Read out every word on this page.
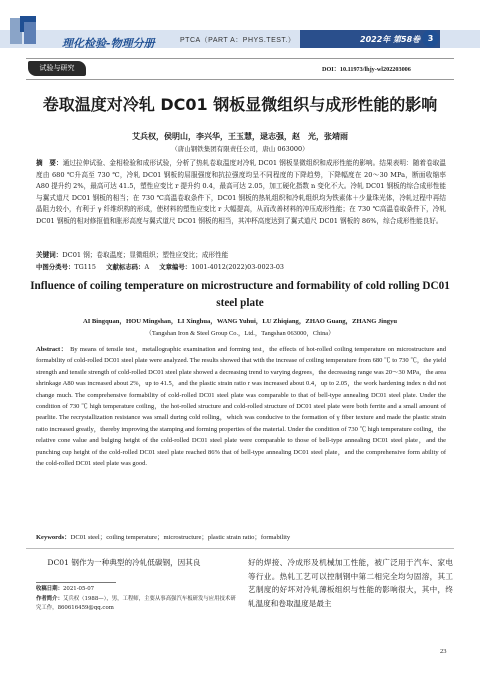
理化检验-物理分册	PTCA（PART A：PHYS.TEST.）	2022年 第58卷 3
试验与研究	DOI：10.11973/lhjy-wl202203006
卷取温度对冷轧 DC01 钢板显微组织与成形性能的影响
艾兵权，侯明山，李兴华，王玉慧，逯志强，赵　光，张靖雨
（唐山钢铁集团有限责任公司，唐山 063000）
摘　要：通过拉伸试验、金相检验和成形试验，分析了热轧卷取温度对冷轧 DC01 钢板显微组织和成形性能的影响。结果表明：随着卷取温度由 680 ℃升高至 730 ℃，冷轧 DC01 钢板的屈服强度和抗拉强度均呈不同程度的下降趋势，下降幅度在 20～30 MPa，断面收缩率 A80 提升约 2%，最高可达 41.5，塑性应变比 r 提升约 0.4，最高可达 2.05，加工硬化指数 n 变化不大。冷轧 DC01 钢板的综合成形性能与翼式道尺 DC01 钢板的相当；在 730 ℃高温卷取条件下，DC01 钢板的热轧组织和冷轧组织均为铁素体＋少量珠光体，冷轧过程中再结晶阻力较小，有利于 γ 纤维织构的形成，使材料的塑性应变比 r 大幅提高，从而改善材料的冲压成形性能；在 730 ℃高温卷取条件下，冷轧 DC01 钢板的相对修抠值和胀形高度与翼式道尺 DC01 钢板的相当，其冲杯高度达到了翼式道尺 DC01 钢板的 86%，综合成形性能良好。
关键词：DC01 钢；卷取温度；显微组织；塑性应变比；成形性能
中图分类号：TG115 文献标志码：A 文章编号：1001-4012(2022)03-0023-03
Influence of coiling temperature on microstructure and formability of cold rolling DC01 steel plate
AI Bingquan，HOU Mingshan，LI Xinghua，WANG Yuhui，LU Zhiqiang，ZHAO Guang，ZHANG Jingyu
（Tangshan Iron & Steel Group Co.，Ltd.，Tangshan 063000，China）
Abstract： By means of tensile test，metallographic examination and forming test，the effects of hot-rolled coiling temperature on microstructure and formability of cold-rolled DC01 steel plate were analyzed. The results showed that with the increase of coiling temperature from 680 ℃ to 730 ℃，the yield strength and tensile strength of cold-rolled DC01 steel plate showed a decreasing trend to varying degrees，the decreasing range was 20～30 MPa，the area shrinkage A80 was increased about 2%，up to 41.5，and the plastic strain ratio r was increased about 0.4，up to 2.05，the work hardening index n did not change much. The comprehensive formability of cold-rolled DC01 steel plate was comparable to that of bell-type annealing DC01 steel plate. Under the condition of 730 ℃ high temperature coiling，the hot-rolled structure and cold-rolled structure of DC01 steel plate were both ferrite and a small amount of pearlite. The recrystallization resistance was small during cold rolling，which was conducive to the formation of γ fiber texture and made the plastic strain ratio increased greatly，thereby improving the stamping and forming properties of the material. Under the condition of 730 ℃ high temperature coiling，the relative cone value and bulging height of the cold-rolled DC01 steel plate were comparable to those of bell-type annealing DC01 steel plate，and the punching cup height of the cold-rolled DC01 steel plate reached 86% that of bell-type annealing DC01 steel plate，and the comprehensive form ability of the cold-rolled DC01 steel plate was good.
Keywords：DC01 steel；coiling temperature；microstructure；plastic strain ratio；formability
DC01 钢作为一种典型的冷轧低碳钢，因其良
收稿日期：2021-05-07
作者简介：艾兵权（1988—），男，工程师，主要从事高强汽车板研发与应用技术研究工作，860616459@qq.com
好的焊接、冷成形及机械加工性能，被广泛用于汽车、家电等行业。热轧工艺可以控制钢中第二相完全均匀固溶，其工艺制度的好坏对冷轧薄板组织与性能的影响很大，其中，终轧温度和卷取温度是最主
23
